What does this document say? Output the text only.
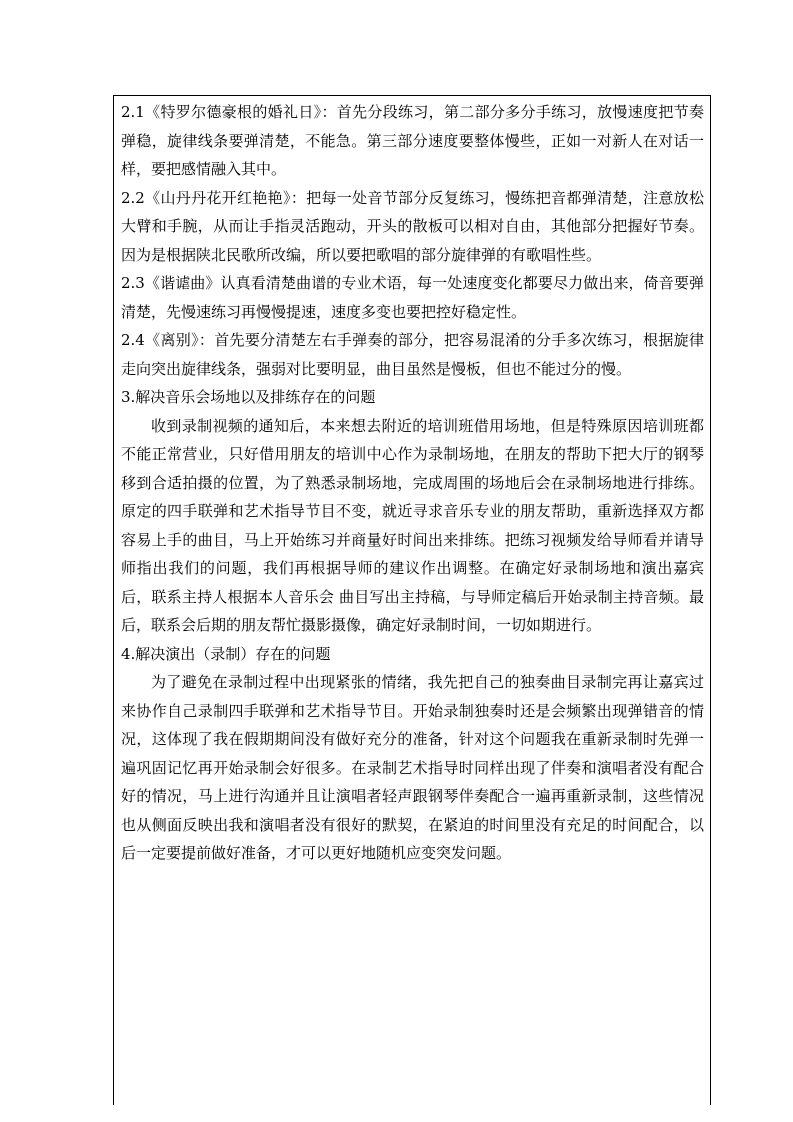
2.1《特罗尔德豪根的婚礼日》：首先分段练习，第二部分多分手练习，放慢速度把节奏弹稳，旋律线条要弹清楚，不能急。第三部分速度要整体慢些，正如一对新人在对话一样，要把感情融入其中。

2.2《山丹丹花开红艳艳》：把每一处音节部分反复练习，慢练把音都弹清楚，注意放松大臂和手腕，从而让手指灵活跑动，开头的散板可以相对自由，其他部分把握好节奏。因为是根据陕北民歌所改编，所以要把歌唱的部分旋律弹的有歌唱性些。

2.3《谐谑曲》认真看清楚曲谱的专业术语，每一处速度变化都要尽力做出来，倚音要弹清楚，先慢速练习再慢慢提速，速度多变也要把控好稳定性。

2.4《离别》：首先要分清楚左右手弹奏的部分，把容易混淆的分手多次练习，根据旋律走向突出旋律线条，强弱对比要明显，曲目虽然是慢板，但也不能过分的慢。

3.解决音乐会场地以及排练存在的问题

收到录制视频的通知后，本来想去附近的培训班借用场地，但是特殊原因培训班都不能正常营业，只好借用朋友的培训中心作为录制场地，在朋友的帮助下把大厅的钢琴移到合适拍摄的位置，为了熟悉录制场地，完成周围的场地后会在录制场地进行排练。原定的四手联弹和艺术指导节目不变，就近寻求音乐专业的朋友帮助，重新选择双方都容易上手的曲目，马上开始练习并商量好时间出来排练。把练习视频发给导师看并请导师指出我们的问题，我们再根据导师的建议作出调整。在确定好录制场地和演出嘉宾后，联系主持人根据本人音乐会 曲目写出主持稿，与导师定稿后开始录制主持音频。最后，联系会后期的朋友帮忙摄影摄像，确定好录制时间，一切如期进行。

4.解决演出（录制）存在的问题

为了避免在录制过程中出现紧张的情绪，我先把自己的独奏曲目录制完再让嘉宾过来协作自己录制四手联弹和艺术指导节目。开始录制独奏时还是会频繁出现弹错音的情况，这体现了我在假期期间没有做好充分的准备，针对这个问题我在重新录制时先弹一遍巩固记忆再开始录制会好很多。在录制艺术指导时同样出现了伴奏和演唱者没有配合好的情况，马上进行沟通并且让演唱者轻声跟钢琴伴奏配合一遍再重新录制，这些情况也从侧面反映出我和演唱者没有很好的默契，在紧迫的时间里没有充足的时间配合，以后一定要提前做好准备，才可以更好地随机应变突发问题。
